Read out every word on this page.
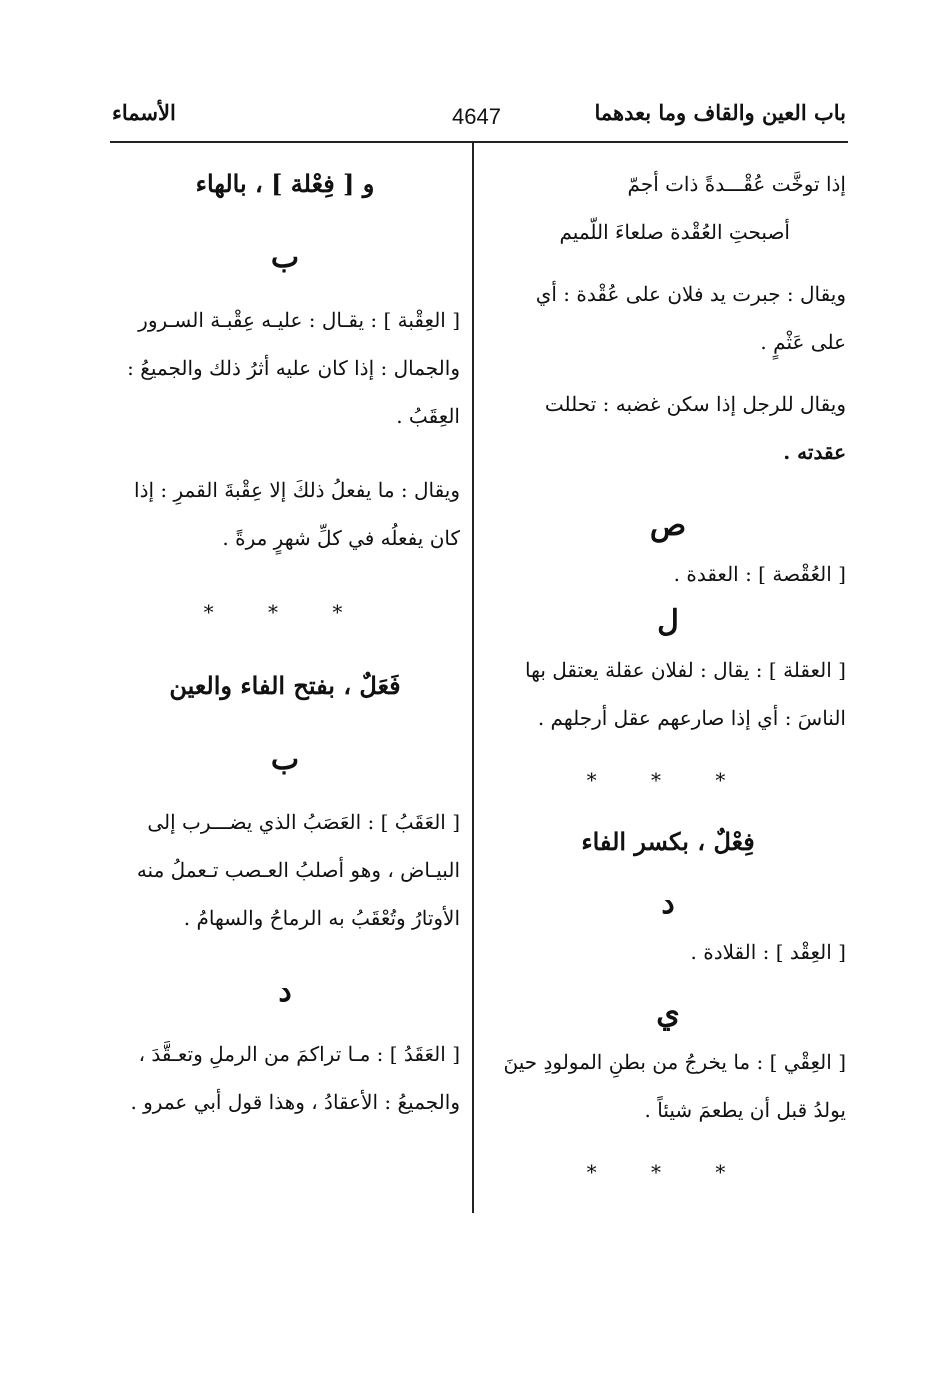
الأسماء	4647	باب العين والقاف وما بعدهما
إذا توخَّت عُقْـــدةً ذات أجمّ
أصبحتِ العُقْدة صلعاءَ اللّميم
ويقال : جبرت يد فلان على عُقْدة : أي
على عَثْمٍ .
ويقال للرجل إذا سكن غضبه : تحللت
عقدته .
ص
[ العُقْصة ] : العقدة .
ل
[ العقلة ] : يقال : لفلان عقلة يعتقل بها
الناسَ : أي إذا صارعهم عقل أرجلهم .
* * *
فِعْلٌ ، بكسر الفاء
د
[ العِقْد ] : القلادة .
ي
[ العِقْي ] : ما يخرجُ من بطنِ المولودِ حينَ
يولدُ قبل أن يطعمَ شيئاً .
* * *
و [ فِعْلة ] ، بالهاء
ب
[ العِقْبة ] : يقـال : عليـه عِقْبـة السـرور
والجمال : إذا كان عليه أثرُ ذلك والجميعُ :
العِقَبُ .
ويقال : ما يفعلُ ذلكَ إلا عِقْبةَ القمرِ : إذا
كان يفعلُه في كلِّ شهرٍ مرةً .
* * *
فَعَلٌ ، بفتح الفاء والعين
ب
[ العَقَبُ ] : العَصَبُ الذي يضـــرب إلى
البيـاض ، وهو أصلبُ العـصب تـعملُ منه
الأوتارُ وتُعْقَبُ به الرماحُ والسهامُ .
د
[ العَقَدُ ] : مـا تراكمَ من الرملِ وتعـقَّدَ ،
والجميعُ : الأعقادُ ، وهذا قول أبي عمرو .
